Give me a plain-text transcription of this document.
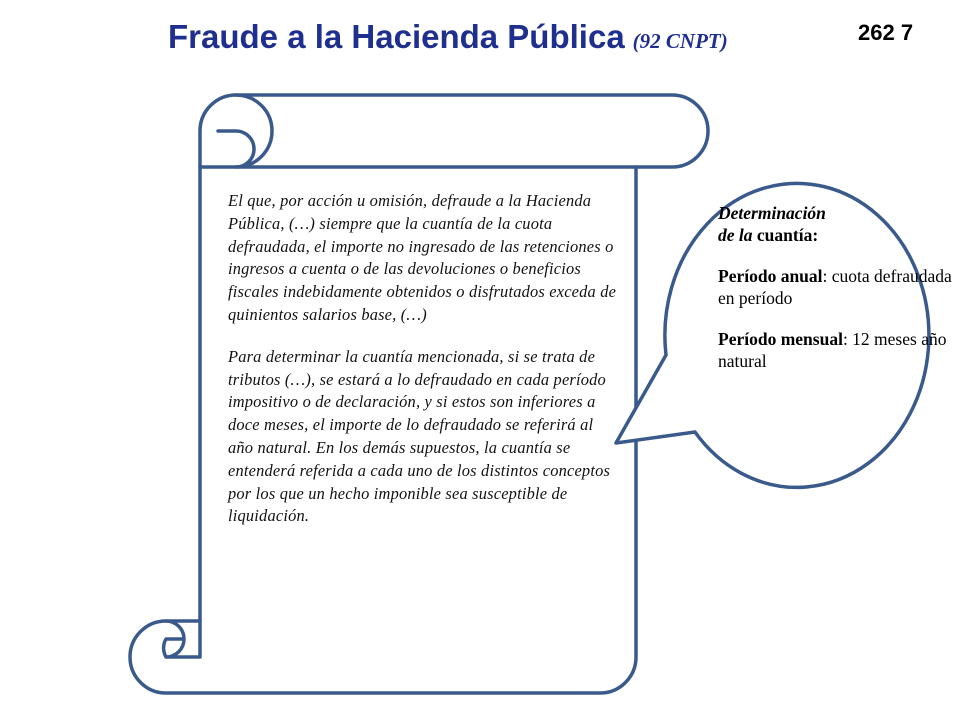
Fraude a la Hacienda Pública (92 CNPT)	262 7

El que, por acción u omisión, defraude a la Hacienda Pública, (…) siempre que la cuantía de la cuota defraudada, el importe no ingresado de las retenciones o ingresos a cuenta o de las devoluciones o beneficios fiscales indebidamente obtenidos o disfrutados exceda de quinientos salarios base, (…)

Para determinar la cuantía mencionada, si se trata de tributos (…), se estará a lo defraudado en cada período impositivo o de declaración, y si estos son inferiores a doce meses, el importe de lo defraudado se referirá al año natural. En los demás supuestos, la cuantía se entenderá referida a cada uno de los distintos conceptos por los que un hecho imponible sea susceptible de liquidación.

Determinación
de la cuantía:

Período anual: cuota defraudada en período

Período mensual: 12 meses año natural
